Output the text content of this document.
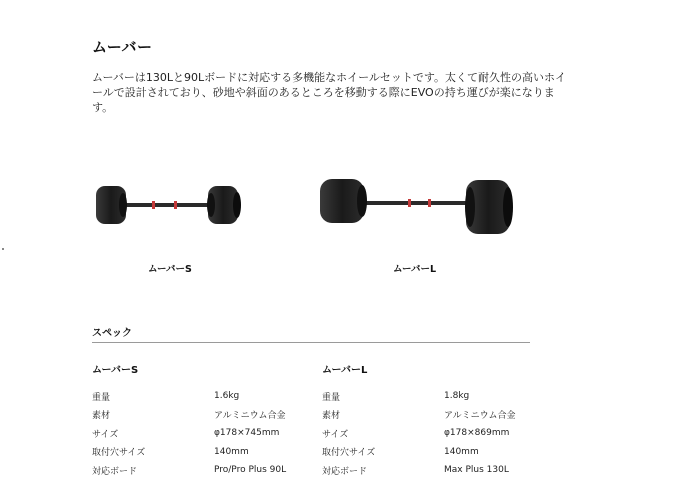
ムーバー
ムーバーは130Lと90Lボードに対応する多機能なホイールセットです。太くて耐久性の高いホイールで設計されており、砂地や斜面のあるところを移動する際にEVOの持ち運びが楽になります。
ムーバーS	ムーバーL
スペック
ムーバーS
重量	1.6kg
素材	アルミニウム合金
サイズ	φ178×745mm
取付穴サイズ	140mm
対応ボード	Pro/Pro Plus 90L
ムーバーL
重量	1.8kg
素材	アルミニウム合金
サイズ	φ178×869mm
取付穴サイズ	140mm
対応ボード	Max Plus 130L
